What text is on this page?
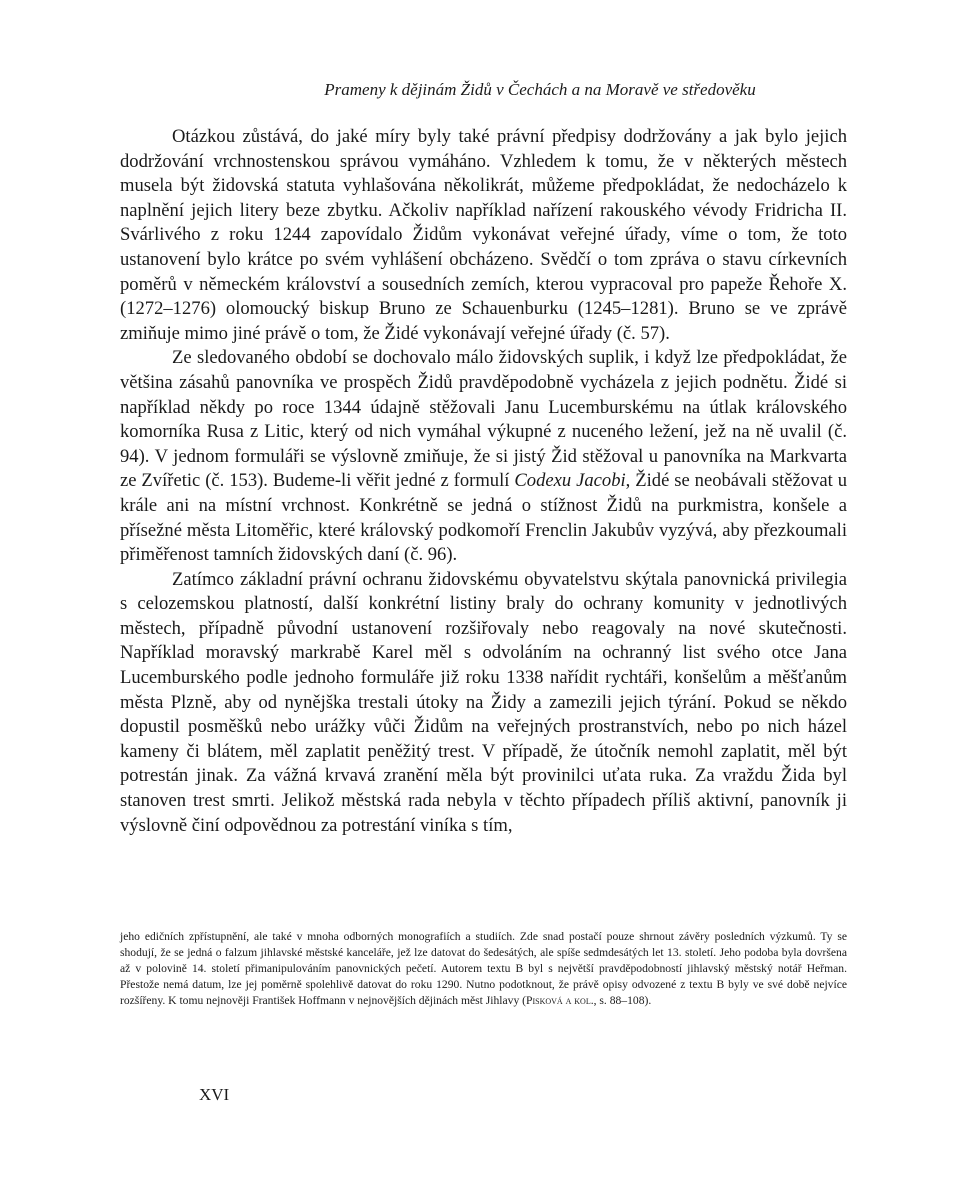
Prameny k dějinám Židů v Čechách a na Moravě ve středověku

Otázkou zůstává, do jaké míry byly také právní předpisy dodržovány a jak bylo jejich dodržování vrchnostenskou správou vymáháno. Vzhledem k tomu, že v některých městech musela být židovská statuta vyhlašována několikrát, můžeme předpokládat, že nedocházelo k naplnění jejich litery beze zbytku. Ačkoliv například nařízení rakouského vévody Fridricha II. Svárlivého z roku 1244 zapovídalo Židům vykonávat veřejné úřady, víme o tom, že toto ustanovení bylo krátce po svém vyhlášení obcházeno. Svědčí o tom zpráva o stavu církevních poměrů v německém království a sousedních zemích, kterou vypracoval pro papeže Řehoře X. (1272–1276) olomoucký biskup Bruno ze Schauenburku (1245–1281). Bruno se ve zprávě zmiňuje mimo jiné právě o tom, že Židé vykonávají veřejné úřady (č. 57).

Ze sledovaného období se dochovalo málo židovských suplik, i když lze předpokládat, že většina zásahů panovníka ve prospěch Židů pravděpodobně vycházela z jejich podnětu. Židé si například někdy po roce 1344 údajně stěžovali Janu Lucemburskému na útlak královského komorníka Rusa z Litic, který od nich vymáhal výkupné z nuceného ležení, jež na ně uvalil (č. 94). V jednom formuláři se výslovně zmiňuje, že si jistý Žid stěžoval u panovníka na Markvarta ze Zvířetic (č. 153). Budeme-li věřit jedné z formulí Codexu Jacobi, Židé se neobávali stěžovat u krále ani na místní vrchnost. Konkrétně se jedná o stížnost Židů na purkmistra, konšele a přísežné města Litoměřic, které královský podkomoří Frenclin Jakubův vyzývá, aby přezkoumali přiměřenost tamních židovských daní (č. 96).

Zatímco základní právní ochranu židovskému obyvatelstvu skýtala panovnická privilegia s celozemskou platností, další konkrétní listiny braly do ochrany komunity v jednotlivých městech, případně původní ustanovení rozšiřovaly nebo reagovaly na nové skutečnosti. Například moravský markrabě Karel měl s odvoláním na ochranný list svého otce Jana Lucemburského podle jednoho formuláře již roku 1338 nařídit rychtáři, konšelům a měšťanům města Plzně, aby od nynějška trestali útoky na Židy a zamezili jejich týrání. Pokud se někdo dopustil posměšků nebo urážky vůči Židům na veřejných prostranstvích, nebo po nich házel kameny či blátem, měl zaplatit peněžitý trest. V případě, že útočník nemohl zaplatit, měl být potrestán jinak. Za vážná krvavá zranění měla být provinilci uťata ruka. Za vraždu Žida byl stanoven trest smrti. Jelikož městská rada nebyla v těchto případech příliš aktivní, panovník ji výslovně činí odpovědnou za potrestání viníka s tím,

jeho edičních zpřístupnění, ale také v mnoha odborných monografiích a studiích. Zde snad postačí pouze shrnout závěry posledních výzkumů. Ty se shodují, že se jedná o falzum jihlavské městské kanceláře, jež lze datovat do šedesátých, ale spíše sedmdesátých let 13. století. Jeho podoba byla dovršena až v polovině 14. století přimanipulováním panovnických pečetí. Autorem textu B byl s největší pravděpodobností jihlavský městský notář Heřman. Přestože nemá datum, lze jej poměrně spolehlivě datovat do roku 1290. Nutno podotknout, že právě opisy odvozené z textu B byly ve své době nejvíce rozšířeny. K tomu nejnověji František Hoffmann v nejnovějších dějinách měst Jihlavy (Pisková a kol., s. 88–108).

XVI
